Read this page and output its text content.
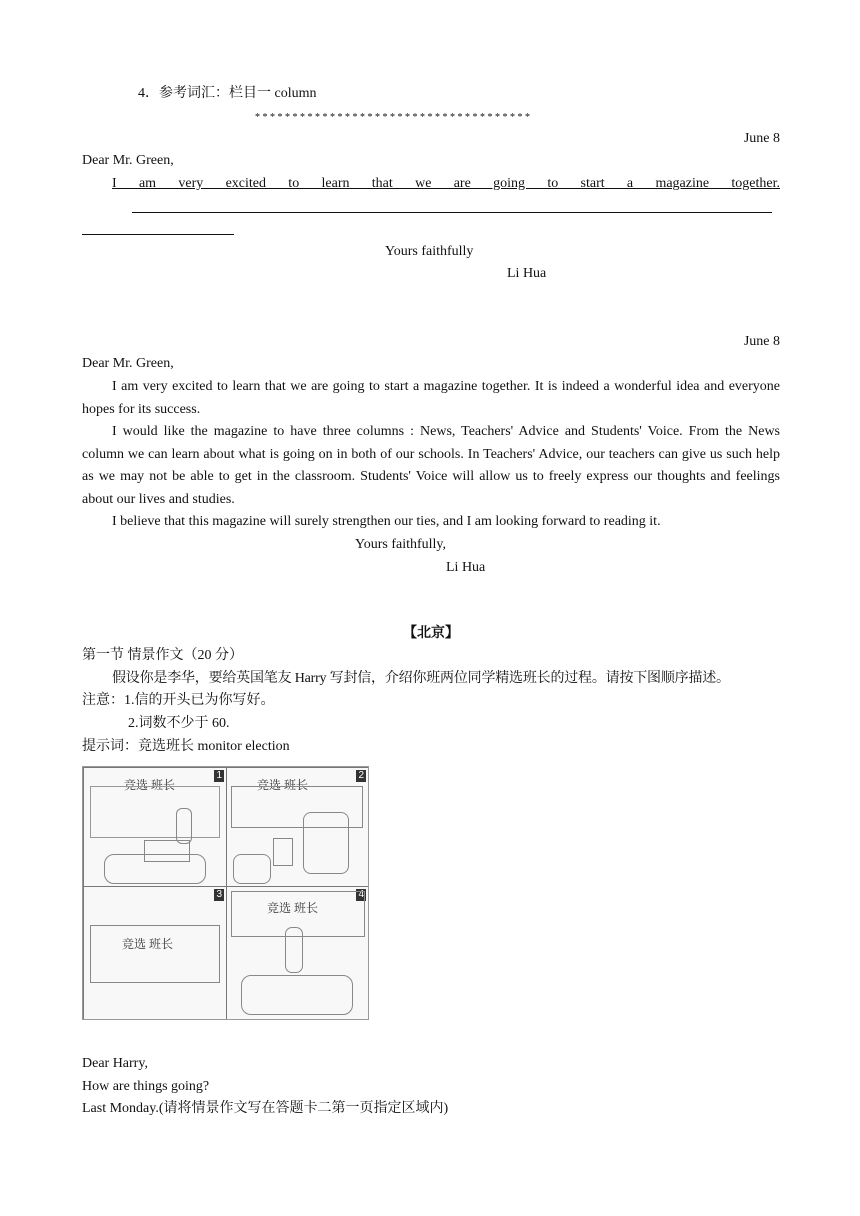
4．参考词汇：栏目一 column
* * * * * * * * * * * * * * * * * * * * * * * * * * * * * * * * * * * * *
June 8
Dear Mr. Green,
I am very excited to learn that we are going to start a magazine together.
Yours faithfully
Li Hua
June 8
Dear Mr. Green,

I am very excited to learn that we are going to start a magazine together. It is indeed a wonderful idea and everyone hopes for its success.

I would like the magazine to have three columns : News, Teachers' Advice and Students' Voice. From the News column we can learn about what is going on in both of our schools. In Teachers' Advice, our teachers can give us such help as we may not be able to get in the classroom. Students' Voice will allow us to freely express our thoughts and feelings about our lives and studies.

I believe that this magazine will surely strengthen our ties, and I am looking forward to reading it.

Yours faithfully,
Li Hua
【北京】
第一节 情景作文（20 分）

假设你是李华，要给英国笔友 Harry 写封信，介绍你班两位同学精选班长的过程。请按下图顺序描述。

注意：1.信的开头已为你写好。
2.词数不少于 60.
提示词：竞选班长 monitor election
1
竞选 班长
2
竞选 班长
3
竞选 班长
4
竞选 班长
Dear Harry,
How are things going?
Last Monday.(请将情景作文写在答题卡二第一页指定区域内)
